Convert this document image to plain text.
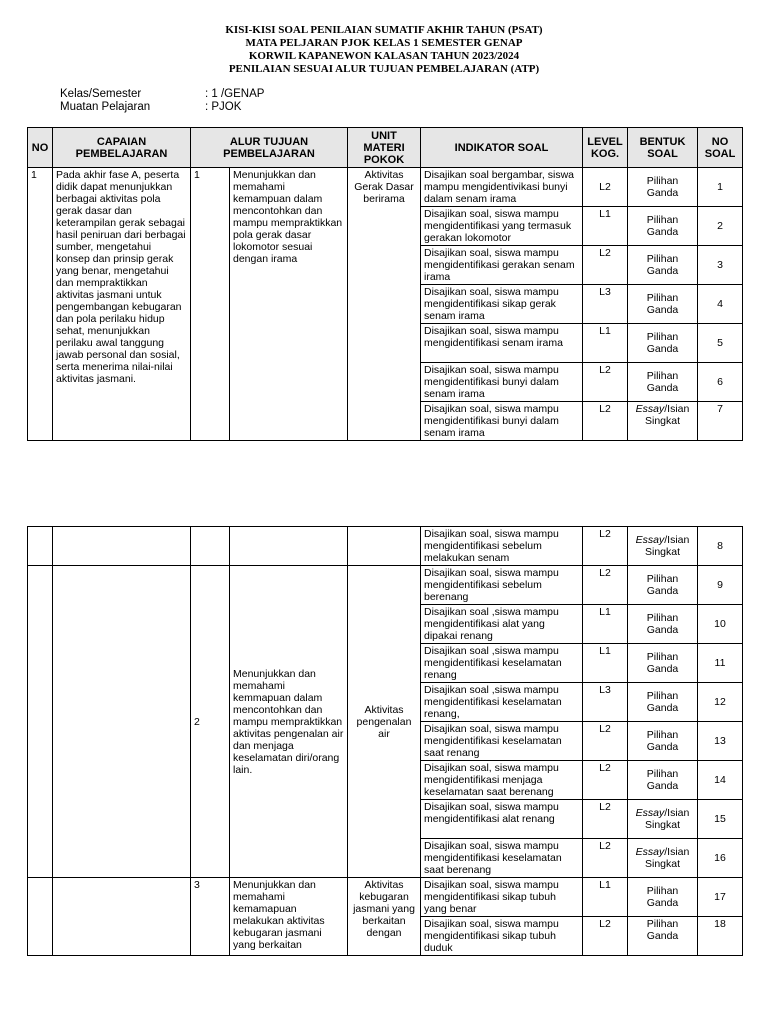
KISI-KISI SOAL PENILAIAN SUMATIF AKHIR TAHUN (PSAT)
MATA PELJARAN PJOK KELAS 1 SEMESTER GENAP
KORWIL KAPANEWON KALASAN TAHUN 2023/2024
PENILAIAN SESUAI ALUR TUJUAN PEMBELAJARAN (ATP)
Kelas/Semester	: 1 /GENAP
Muatan Pelajaran	: PJOK
NO	CAPAIAN PEMBELAJARAN	ALUR TUJUAN PEMBELAJARAN		UNIT MATERI POKOK	INDIKATOR SOAL	LEVEL KOG.	BENTUK SOAL	NO SOAL
1	Pada akhir fase A, peserta didik dapat menunjukkan berbagai aktivitas pola gerak dasar dan keterampilan gerak sebagai hasil peniruan dari berbagai sumber, mengetahui konsep dan prinsip gerak yang benar, mengetahui dan mempraktikkan aktivitas jasmani untuk pengembangan kebugaran dan pola perilaku hidup sehat, menunjukkan perilaku awal tanggung jawab personal dan sosial, serta menerima nilai-nilai aktivitas jasmani.	1	Menunjukkan dan memahami kemampuan dalam mencontohkan dan mampu mempraktikkan pola gerak dasar lokomotor sesuai dengan irama	Aktivitas Gerak Dasar berirama	Disajikan soal bergambar, siswa mampu mengidentivikasi bunyi dalam senam irama	L2	Pilihan Ganda	1
					Disajikan soal, siswa mampu mengidentifikasi yang termasuk gerakan lokomotor	L1	Pilihan Ganda	2
					Disajikan soal, siswa mampu mengidentifikasi gerakan senam irama	L2	Pilihan Ganda	3
					Disajikan soal, siswa mampu mengidentifikasi sikap gerak senam irama	L3	Pilihan Ganda	4
					Disajikan soal, siswa mampu mengidentifikasi senam irama	L1	Pilihan Ganda	5
					Disajikan soal, siswa mampu mengidentifikasi bunyi dalam senam irama	L2	Pilihan Ganda	6
					Disajikan soal, siswa mampu mengidentifikasi bunyi dalam senam irama	L2	Essay/Isian Singkat	7
					Disajikan soal, siswa mampu mengidentifikasi sebelum melakukan senam	L2	Essay/Isian Singkat	8
		2	Menunjukkan dan memahami kemmapuan dalam mencontohkan dan mampu mempraktikkan aktivitas pengenalan air dan menjaga keselamatan diri/orang lain.	Aktivitas pengenalan air	Disajikan soal, siswa mampu mengidentifikasi sebelum berenang	L2	Pilihan Ganda	9
					Disajikan soal ,siswa mampu mengidentifikasi alat yang dipakai renang	L1	Pilihan Ganda	10
					Disajikan soal ,siswa mampu mengidentifikasi keselamatan renang	L1	Pilihan Ganda	11
					Disajikan soal ,siswa mampu mengidentifikasi keselamatan renang,	L3	Pilihan Ganda	12
					Disajikan soal, siswa mampu mengidentifikasi keselamatan saat renang	L2	Pilihan Ganda	13
					Disajikan soal, siswa mampu mengidentifikasi menjaga keselamatan saat berenang	L2	Pilihan Ganda	14
					Disajikan soal, siswa mampu mengidentifikasi alat renang	L2	Essay/Isian Singkat	15
					Disajikan soal, siswa mampu mengidentifikasi keselamatan saat berenang	L2	Essay/Isian Singkat	16
		3	Menunjukkan dan memahami kemamapuan melakukan aktivitas kebugaran jasmani yang berkaitan	Aktivitas kebugaran jasmani yang berkaitan dengan	Disajikan soal, siswa mampu mengidentifikasi sikap tubuh yang benar	L1	Pilihan Ganda	17
					Disajikan soal, siswa mampu mengidentifikasi sikap tubuh duduk	L2	Pilihan Ganda	18
